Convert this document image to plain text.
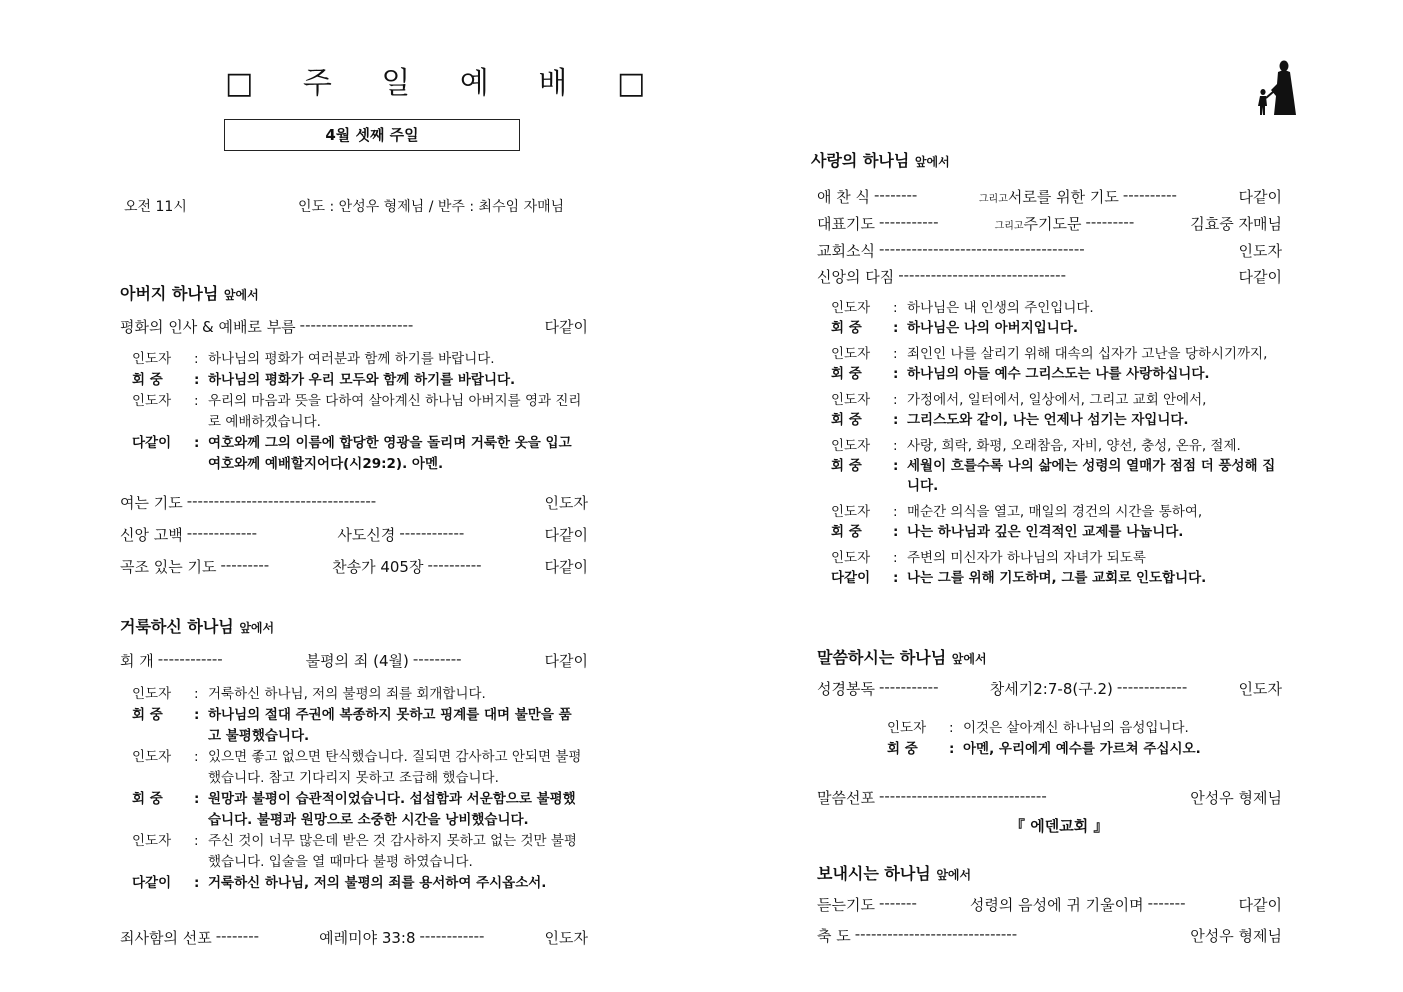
□ 주 일 예 배 □
4월 셋째 주일
오전 11시	인도 : 안성우 형제님 / 반주 : 최수임 자매님
아버지 하나님 앞에서
평화의 인사 & 예배로 부름 ---------------------	다같이
인도자	: 하나님의 평화가 여러분과 함께 하기를 바랍니다.
회 중	: 하나님의 평화가 우리 모두와 함께 하기를 바랍니다.
인도자	: 우리의 마음과 뜻을 다하여 살아계신 하나님 아버지를 영과 진리로 예배하겠습니다.
다같이	: 여호와께 그의 이름에 합당한 영광을 돌리며 거룩한 옷을 입고 여호와께 예배할지어다(시29:2). 아멘.
여는 기도 -----------------------------------	인도자
신앙 고백 -------------	사도신경 ------------	다같이
곡조 있는 기도 ---------	찬송가 405장 ----------	다같이
거룩하신 하나님 앞에서
회 개 ------------	불평의 죄 (4월) ---------	다같이
인도자	: 거룩하신 하나님, 저의 불평의 죄를 회개합니다.
회 중	: 하나님의 절대 주권에 복종하지 못하고 핑계를 대며 불만을 품고 불평했습니다.
인도자	: 있으면 좋고 없으면 탄식했습니다. 질되면 감사하고 안되면 불평했습니다. 참고 기다리지 못하고 조급해 했습니다.
회 중	: 원망과 불평이 습관적이었습니다. 섭섭함과 서운함으로 불평했습니다. 불평과 원망으로 소중한 시간을 낭비했습니다.
인도자	: 주신 것이 너무 많은데 받은 것 감사하지 못하고 없는 것만 불평했습니다. 입술을 열 때마다 불평 하였습니다.
다같이	: 거룩하신 하나님, 저의 불평의 죄를 용서하여 주시옵소서.
죄사함의 선포 --------	예레미야 33:8 ------------	인도자
사랑의 하나님 앞에서
애 찬 식 --------	그리고 서로를 위한 기도 ----------	다같이
대표기도 -----------	그리고 주기도문 ---------	김효중 자매님
교회소식 --------------------------------------	인도자
신앙의 다짐 -------------------------------	다같이
인도자	: 하나님은 내 인생의 주인입니다.
회 중	: 하나님은 나의 아버지입니다.
인도자	: 죄인인 나를 살리기 위해 대속의 십자가 고난을 당하시기까지,
회 중	: 하나님의 아들 예수 그리스도는 나를 사랑하십니다.
인도자	: 가정에서, 일터에서, 일상에서, 그리고 교회 안에서,
회 중	: 그리스도와 같이, 나는 언제나 섬기는 자입니다.
인도자	: 사랑, 희락, 화평, 오래참음, 자비, 양선, 충성, 온유, 절제.
회 중	: 세월이 흐를수록 나의 삶에는 성령의 열매가 점점 더 풍성해 집니다.
인도자	: 매순간 의식을 열고, 매일의 경건의 시간을 통하여,
회 중	: 나는 하나님과 깊은 인격적인 교제를 나눕니다.
인도자	: 주변의 미신자가 하나님의 자녀가 되도록
다같이	: 나는 그를 위해 기도하며, 그를 교회로 인도합니다.
말씀하시는 하나님 앞에서
성경봉독 -----------	창세기2:7-8(구.2) -------------	인도자
인도자	: 이것은 살아계신 하나님의 음성입니다.
회 중	: 아멘, 우리에게 예수를 가르쳐 주십시오.
말씀선포 -------------------------------	안성우 형제님
『 에덴교회 』
보내시는 하나님 앞에서
듣는기도 -------	성령의 음성에 귀 기울이며 -------	다같이
축 도 ------------------------------	안성우 형제님
